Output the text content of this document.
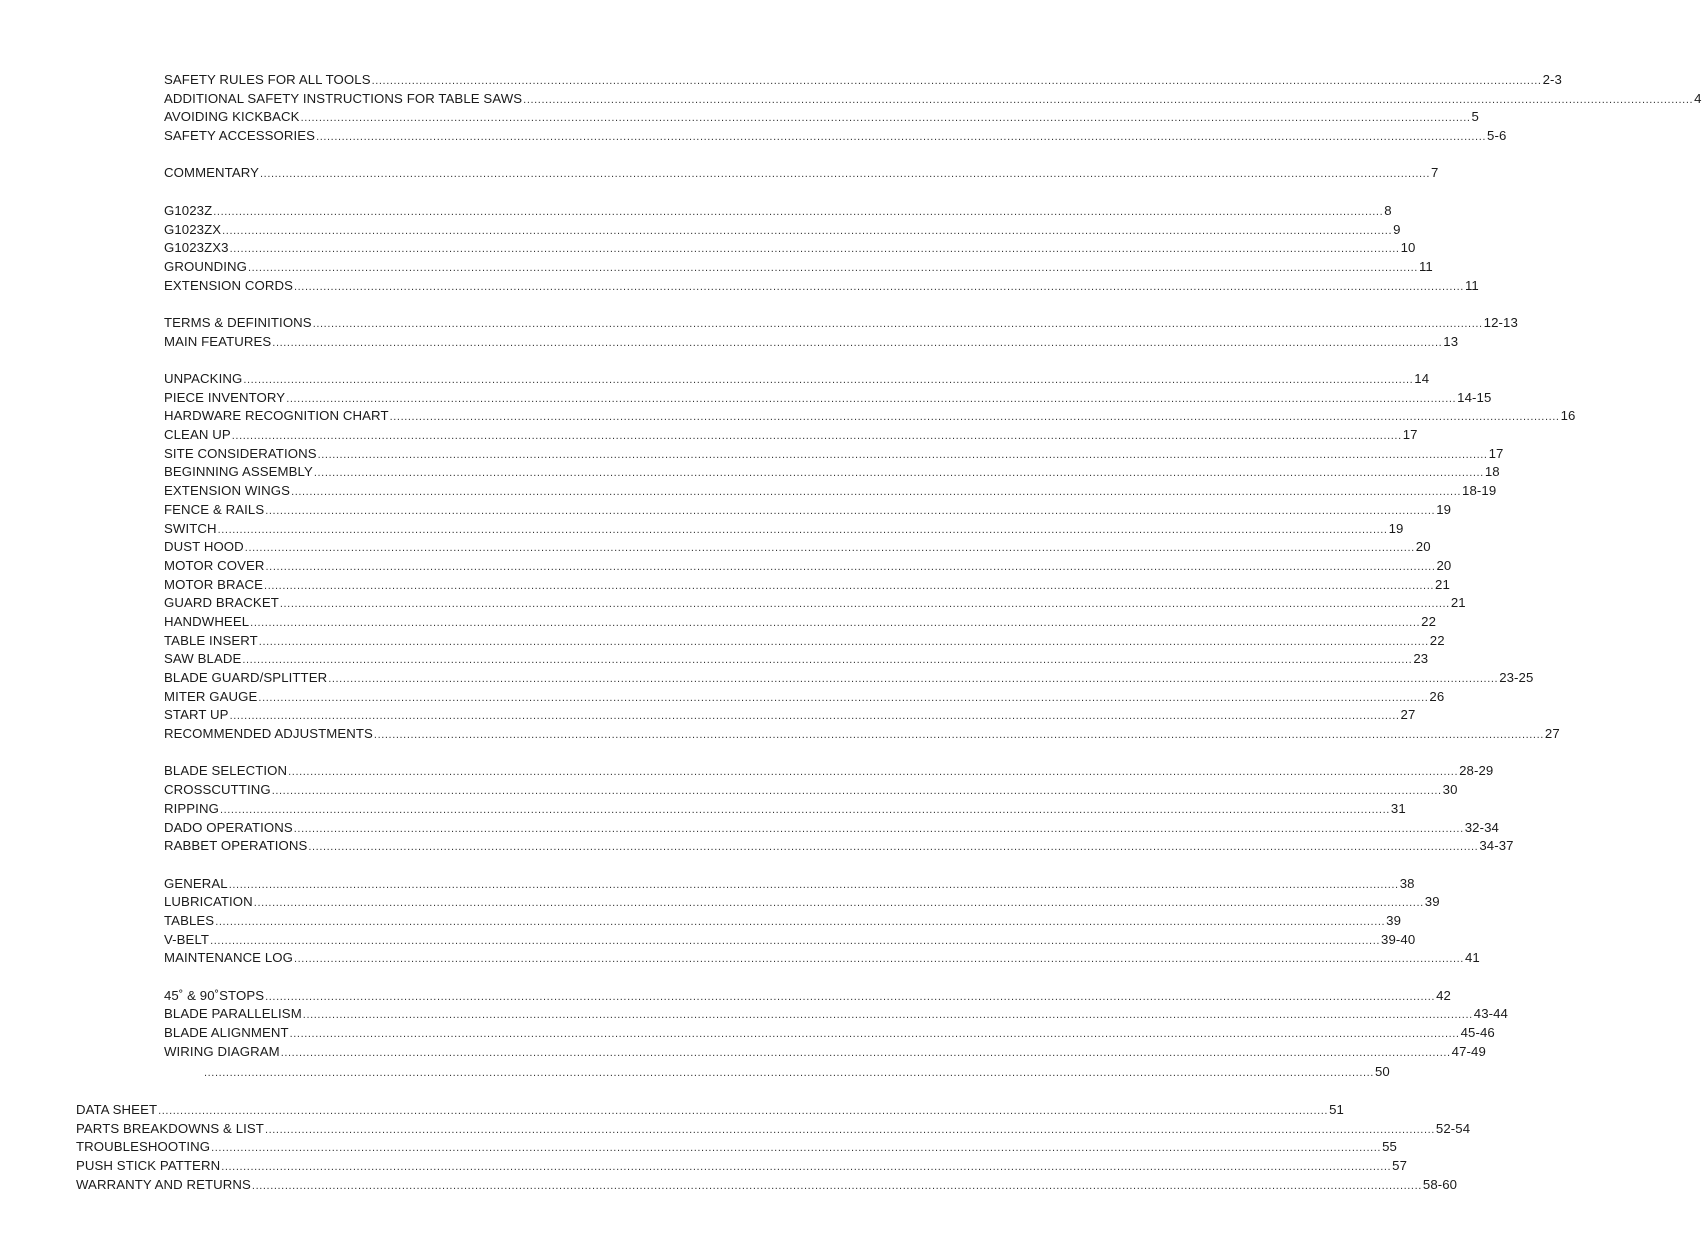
SAFETY RULES FOR ALL TOOLS ................................................................................................................................................................................................................................................................................................................................ 2-3
ADDITIONAL SAFETY INSTRUCTIONS FOR TABLE SAWS ................................................................................................................................................................................................................................................................................................................................ 4
AVOIDING KICKBACK ................................................................................................................................................................................................................................................................................................................................ 5
SAFETY ACCESSORIES ................................................................................................................................................................................................................................................................................................................................ 5-6
COMMENTARY ................................................................................................................................................................................................................................................................................................................................ 7
G1023Z ................................................................................................................................................................................................................................................................................................................................ 8
G1023ZX ................................................................................................................................................................................................................................................................................................................................ 9
G1023ZX3 ................................................................................................................................................................................................................................................................................................................................ 10
GROUNDING ................................................................................................................................................................................................................................................................................................................................ 11
EXTENSION CORDS ................................................................................................................................................................................................................................................................................................................................ 11
TERMS & DEFINITIONS ................................................................................................................................................................................................................................................................................................................................ 12-13
MAIN FEATURES ................................................................................................................................................................................................................................................................................................................................ 13
UNPACKING ................................................................................................................................................................................................................................................................................................................................ 14
PIECE INVENTORY ................................................................................................................................................................................................................................................................................................................................ 14-15
HARDWARE RECOGNITION CHART ................................................................................................................................................................................................................................................................................................................................ 16
CLEAN UP ................................................................................................................................................................................................................................................................................................................................ 17
SITE CONSIDERATIONS ................................................................................................................................................................................................................................................................................................................................ 17
BEGINNING ASSEMBLY ................................................................................................................................................................................................................................................................................................................................ 18
EXTENSION WINGS ................................................................................................................................................................................................................................................................................................................................ 18-19
FENCE & RAILS ................................................................................................................................................................................................................................................................................................................................ 19
SWITCH ................................................................................................................................................................................................................................................................................................................................ 19
DUST HOOD ................................................................................................................................................................................................................................................................................................................................ 20
MOTOR COVER ................................................................................................................................................................................................................................................................................................................................ 20
MOTOR BRACE ................................................................................................................................................................................................................................................................................................................................ 21
GUARD BRACKET ................................................................................................................................................................................................................................................................................................................................ 21
HANDWHEEL ................................................................................................................................................................................................................................................................................................................................ 22
TABLE INSERT ................................................................................................................................................................................................................................................................................................................................ 22
SAW BLADE ................................................................................................................................................................................................................................................................................................................................ 23
BLADE GUARD/SPLITTER ................................................................................................................................................................................................................................................................................................................................ 23-25
MITER GAUGE ................................................................................................................................................................................................................................................................................................................................ 26
START UP ................................................................................................................................................................................................................................................................................................................................ 27
RECOMMENDED ADJUSTMENTS ................................................................................................................................................................................................................................................................................................................................ 27
BLADE SELECTION ................................................................................................................................................................................................................................................................................................................................ 28-29
CROSSCUTTING ................................................................................................................................................................................................................................................................................................................................ 30
RIPPING ................................................................................................................................................................................................................................................................................................................................ 31
DADO OPERATIONS ................................................................................................................................................................................................................................................................................................................................ 32-34
RABBET OPERATIONS ................................................................................................................................................................................................................................................................................................................................ 34-37
GENERAL ................................................................................................................................................................................................................................................................................................................................ 38
LUBRICATION ................................................................................................................................................................................................................................................................................................................................ 39
TABLES ................................................................................................................................................................................................................................................................................................................................ 39
V-BELT ................................................................................................................................................................................................................................................................................................................................ 39-40
MAINTENANCE LOG ................................................................................................................................................................................................................................................................................................................................ 41
45˚ & 90˚STOPS ................................................................................................................................................................................................................................................................................................................................ 42
BLADE PARALLELISM ................................................................................................................................................................................................................................................................................................................................ 43-44
BLADE ALIGNMENT ................................................................................................................................................................................................................................................................................................................................ 45-46
WIRING DIAGRAM ................................................................................................................................................................................................................................................................................................................................ 47-49
................................................................................................................................................................................................................................................................................................................................ 50
DATA SHEET ................................................................................................................................................................................................................................................................................................................................ 51
PARTS BREAKDOWNS & LIST ................................................................................................................................................................................................................................................................................................................................ 52-54
TROUBLESHOOTING ................................................................................................................................................................................................................................................................................................................................ 55
PUSH STICK PATTERN ................................................................................................................................................................................................................................................................................................................................ 57
WARRANTY AND RETURNS ................................................................................................................................................................................................................................................................................................................................ 58-60
